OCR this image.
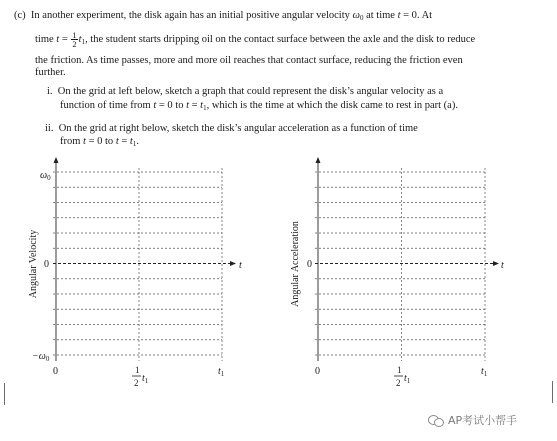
(c) In another experiment, the disk again has an initial positive angular velocity $\omega_0$ at time t = 0. At
time $t = \frac{1}{2} t_1$, the student starts dripping oil on the contact surface between the axle and the disk to reduce
the friction. As time passes, more and more oil reaches that contact surface, reducing the friction even
further.
i. On the grid at left below, sketch a graph that could represent the disk’s angular velocity as a
function of time from t = 0 to $t = t_1$, which is the time at which the disk came to rest in part (a).
ii. On the grid at right below, sketch the disk’s angular acceleration as a function of time
from t = 0 to $t = t_1$.
Angular Velocity
$\omega_0$
0
$-\omega_0$
t
0	1
2 $t_1$
$t_1$
Angular Acceleration 0	t
0	1
2 $t_1$
$t_1$
AP考试小帮手
